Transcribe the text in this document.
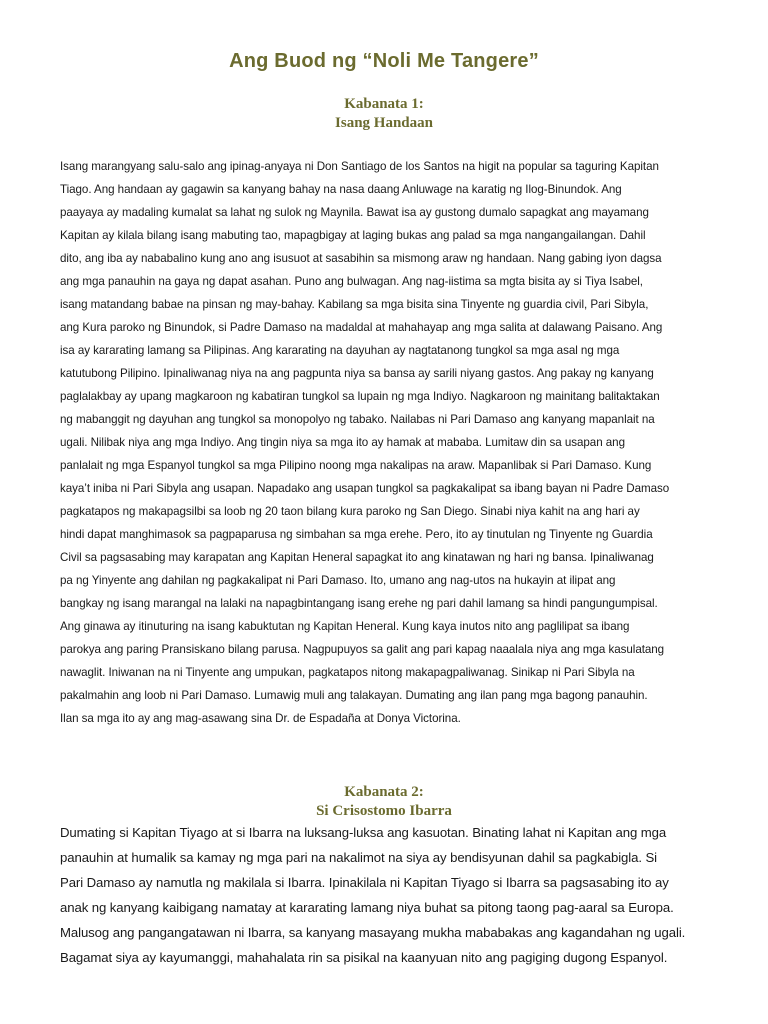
Ang Buod ng “Noli Me Tangere”
Kabanata 1:
Isang Handaan

Isang marangyang salu-salo ang ipinag-anyaya ni Don Santiago de los Santos na higit na popular sa taguring Kapitan
Tiago. Ang handaan ay gagawin sa kanyang bahay na nasa daang Anluwage na karatig ng Ilog-Binundok. Ang
paayaya ay madaling kumalat sa lahat ng sulok ng Maynila. Bawat isa ay gustong dumalo sapagkat ang mayamang
Kapitan ay kilala bilang isang mabuting tao, mapagbigay at laging bukas ang palad sa mga nangangailangan. Dahil
dito, ang iba ay nababalino kung ano ang isusuot at sasabihin sa mismong araw ng handaan. Nang gabing iyon dagsa
ang mga panauhin na gaya ng dapat asahan. Puno ang bulwagan. Ang nag-iistima sa mgta bisita ay si Tiya Isabel,
isang matandang babae na pinsan ng may-bahay. Kabilang sa mga bisita sina Tinyente ng guardia civil, Pari Sibyla,
ang Kura paroko ng Binundok, si Padre Damaso na madaldal at mahahayap ang mga salita at dalawang Paisano. Ang
isa ay kararating lamang sa Pilipinas. Ang kararating na dayuhan ay nagtatanong tungkol sa mga asal ng mga
katutubong Pilipino. Ipinaliwanag niya na ang pagpunta niya sa bansa ay sarili niyang gastos. Ang pakay ng kanyang
paglalakbay ay upang magkaroon ng kabatiran tungkol sa lupain ng mga Indiyo. Nagkaroon ng mainitang balitaktakan
ng mabanggit ng dayuhan ang tungkol sa monopolyo ng tabako. Nailabas ni Pari Damaso ang kanyang mapanlait na
ugali. Nilibak niya ang mga Indiyo. Ang tingin niya sa mga ito ay hamak at mababa. Lumitaw din sa usapan ang
panlalait ng mga Espanyol tungkol sa mga Pilipino noong mga nakalipas na araw. Mapanlibak si Pari Damaso. Kung
kaya’t iniba ni Pari Sibyla ang usapan. Napadako ang usapan tungkol sa pagkakalipat sa ibang bayan ni Padre Damaso
pagkatapos ng makapagsilbi sa loob ng 20 taon bilang kura paroko ng San Diego. Sinabi niya kahit na ang hari ay
hindi dapat manghimasok sa pagpaparusa ng simbahan sa mga erehe. Pero, ito ay tinutulan ng Tinyente ng Guardia
Civil sa pagsasabing may karapatan ang Kapitan Heneral sapagkat ito ang kinatawan ng hari ng bansa. Ipinaliwanag
pa ng Yinyente ang dahilan ng pagkakalipat ni Pari Damaso. Ito, umano ang nag-utos na hukayin at ilipat ang
bangkay ng isang marangal na lalaki na napagbintangang isang erehe ng pari dahil lamang sa hindi pangungumpisal.
Ang ginawa ay itinuturing na isang kabuktutan ng Kapitan Heneral. Kung kaya inutos nito ang paglilipat sa ibang
parokya ang paring Pransiskano bilang parusa. Nagpupuyos sa galit ang pari kapag naaalala niya ang mga kasulatang
nawaglit. Iniwanan na ni Tinyente ang umpukan, pagkatapos nitong makapagpaliwanag. Sinikap ni Pari Sibyla na
pakalmahin ang loob ni Pari Damaso. Lumawig muli ang talakayan. Dumating ang ilan pang mga bagong panauhin.
Ilan sa mga ito ay ang mag-asawang sina Dr. de Espadaña at Donya Victorina.

Kabanata 2:
Si Crisostomo Ibarra

Dumating si Kapitan Tiyago at si Ibarra na luksang-luksa ang kasuotan. Binating lahat ni Kapitan ang mga
panauhin at humalik sa kamay ng mga pari na nakalimot na siya ay bendisyunan dahil sa pagkabigla. Si
Pari Damaso ay namutla ng makilala si Ibarra. Ipinakilala ni Kapitan Tiyago si Ibarra sa pagsasabing ito ay
anak ng kanyang kaibigang namatay at kararating lamang niya buhat sa pitong taong pag-aaral sa Europa.
Malusog ang pangangatawan ni Ibarra, sa kanyang masayang mukha mababakas ang kagandahan ng ugali.
Bagamat siya ay kayumanggi, mahahalata rin sa pisikal na kaanyuan nito ang pagiging dugong Espanyol.
